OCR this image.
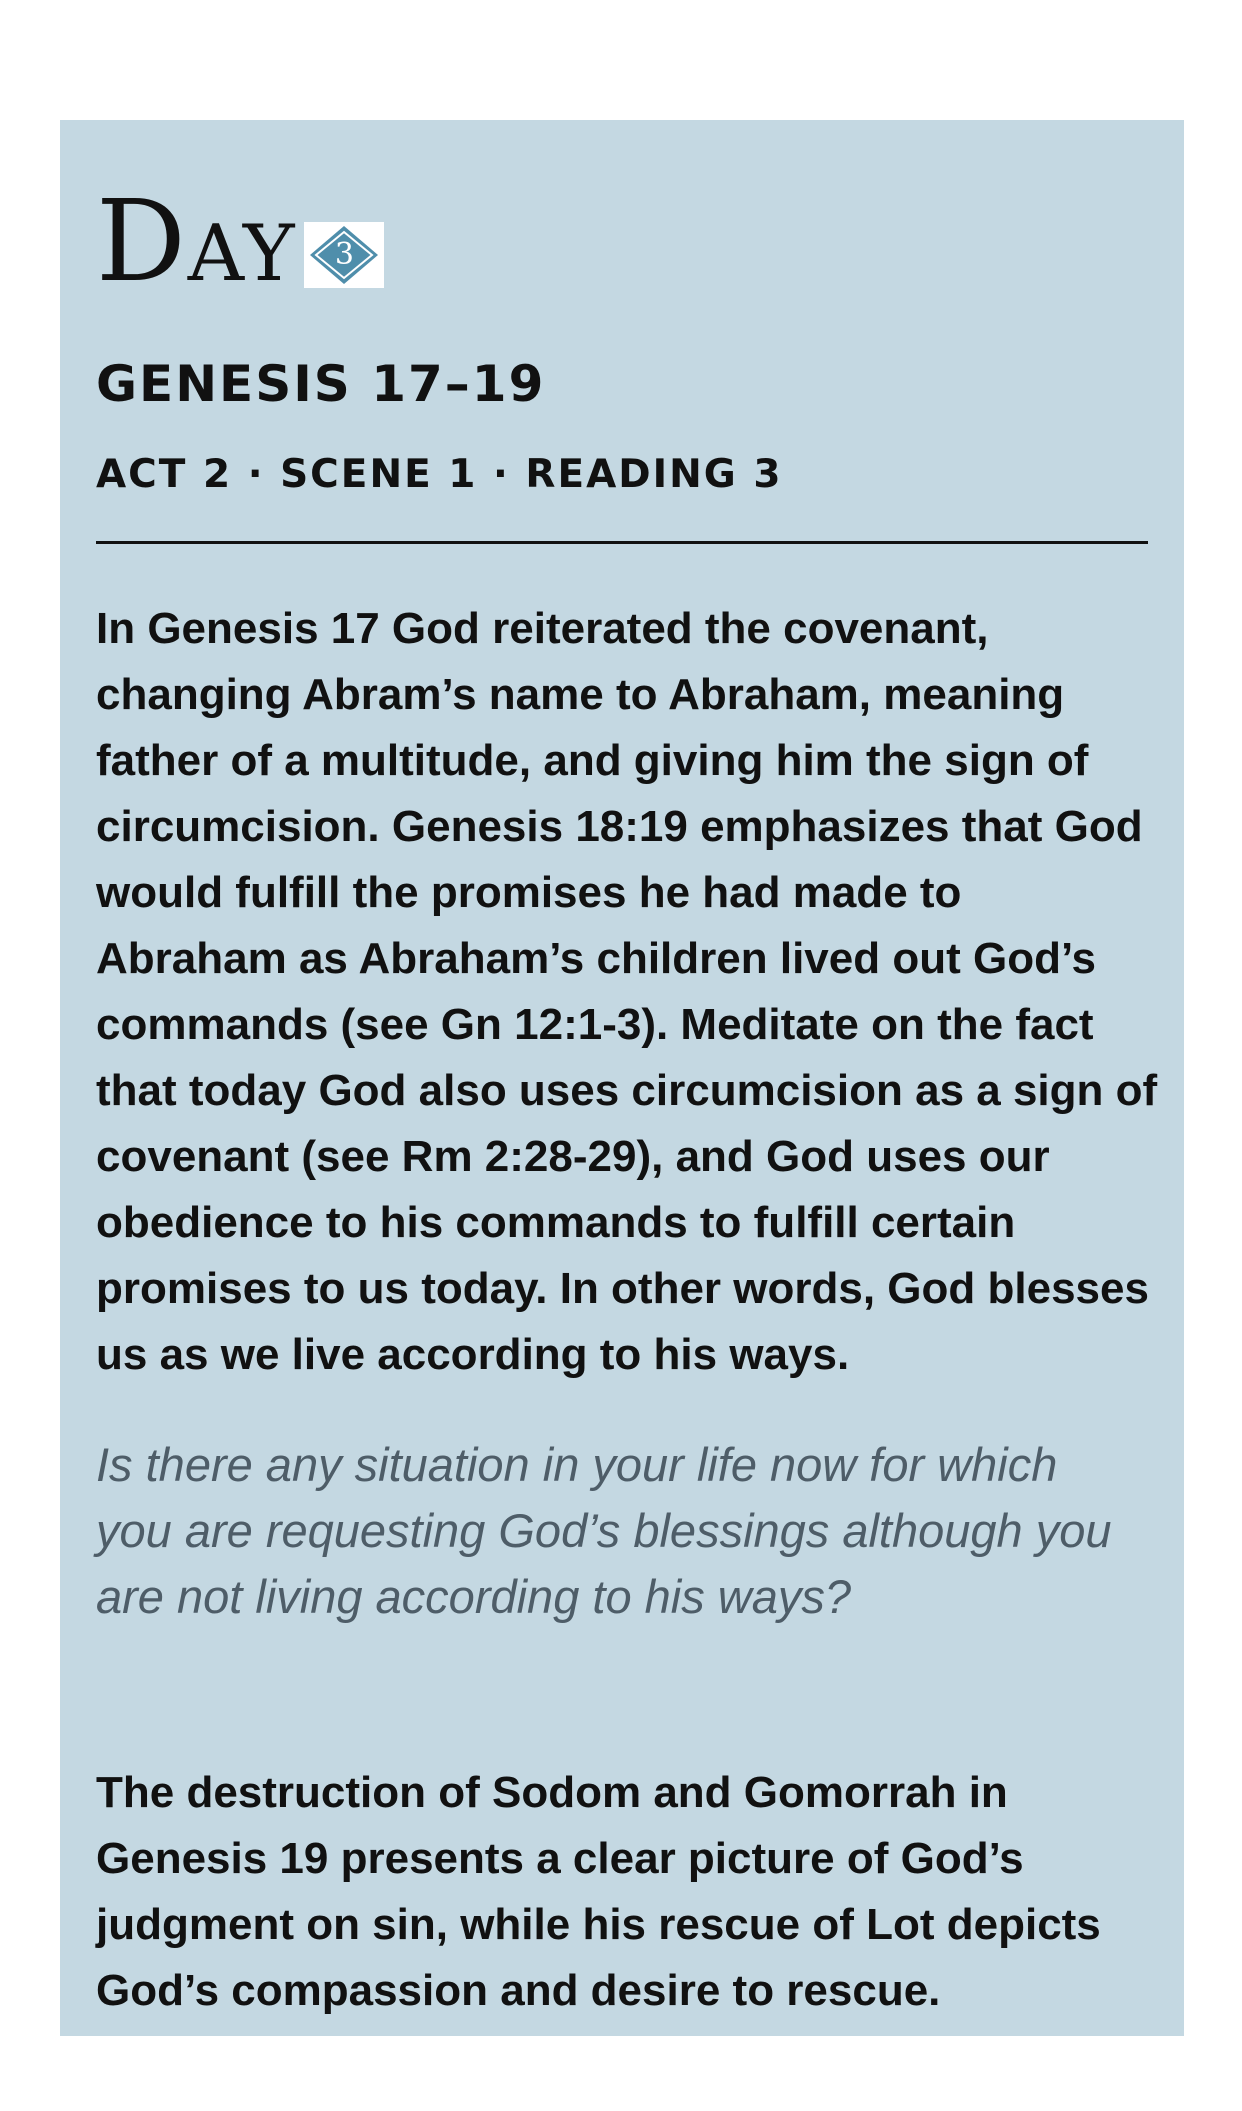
D AY	3
GENESIS 17–19
ACT 2 · SCENE 1 · READING 3

In Genesis 17 God reiterated the covenant, changing Abram’s name to Abraham, meaning father of a multitude, and giving him the sign of circumcision. Genesis 18:19 emphasizes that God would fulfill the promises he had made to Abraham as Abraham’s children lived out God’s commands (see Gn 12:1-3). Meditate on the fact that today God also uses circumcision as a sign of covenant (see Rm 2:28-29), and God uses our obedience to his commands to fulfill certain promises to us today. In other words, God blesses us as we live according to his ways.

Is there any situation in your life now for which you are requesting God’s blessings although you are not living according to his ways?

The destruction of Sodom and Gomorrah in Genesis 19 presents a clear picture of God’s judgment on sin, while his rescue of Lot depicts God’s compassion and desire to rescue.
